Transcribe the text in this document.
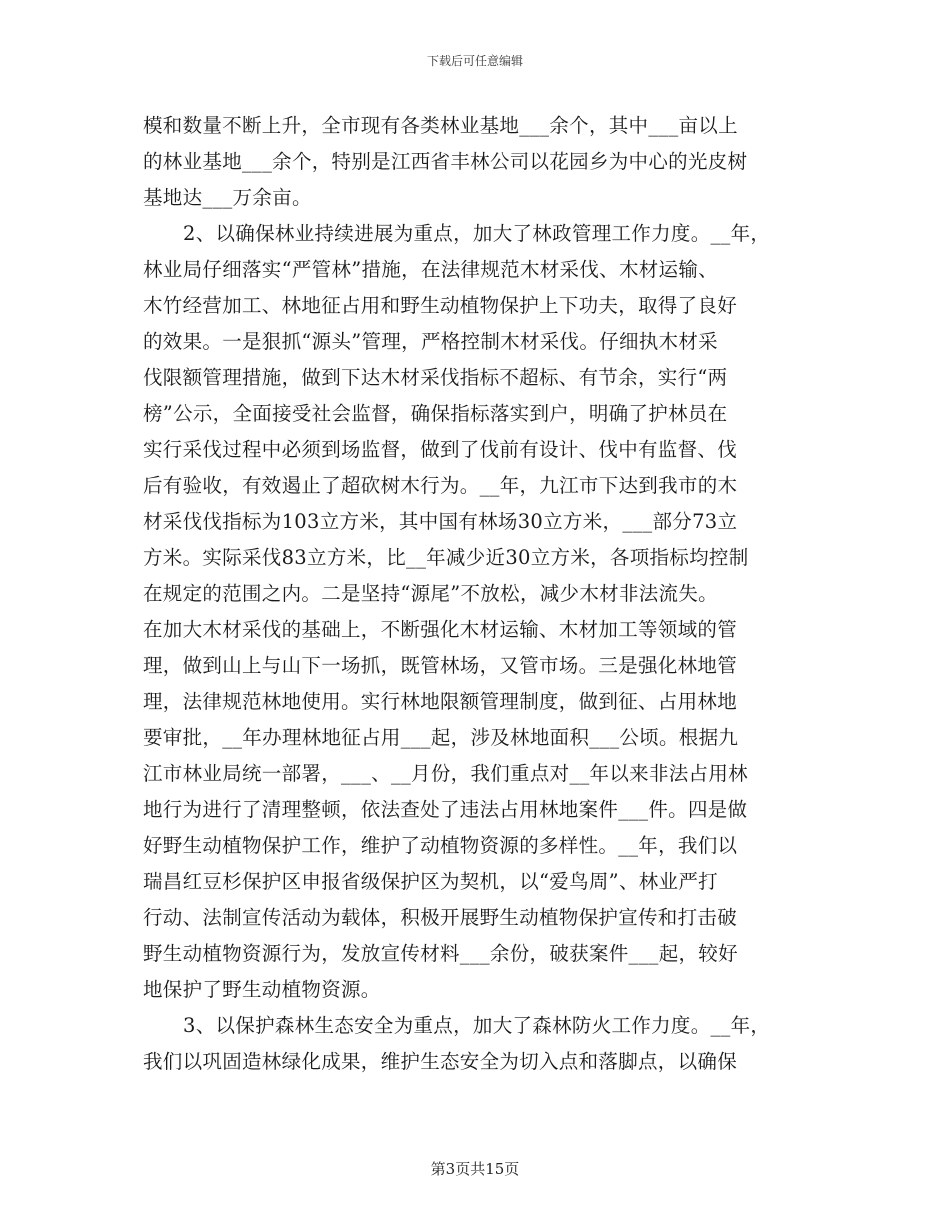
下载后可任意编辑
模和数量不断上升，全市现有各类林业基地___余个，其中___亩以上
的林业基地___余个，特别是江西省丰林公司以花园乡为中心的光皮树
基地达___万余亩。
2、以确保林业持续进展为重点，加大了林政管理工作力度。__年，
林业局仔细落实“严管林”措施，在法律规范木材采伐、木材运输、
木竹经营加工、林地征占用和野生动植物保护上下功夫，取得了良好
的效果。一是狠抓“源头”管理，严格控制木材采伐。仔细执木材采
伐限额管理措施，做到下达木材采伐指标不超标、有节余，实行“两
榜”公示，全面接受社会监督，确保指标落实到户，明确了护林员在
实行采伐过程中必须到场监督，做到了伐前有设计、伐中有监督、伐
后有验收，有效遏止了超砍树木行为。__年，九江市下达到我市的木
材采伐伐指标为103立方米，其中国有林场30立方米，___部分73立
方米。实际采伐83立方米，比__年减少近30立方米，各项指标均控制
在规定的范围之内。二是坚持“源尾”不放松，减少木材非法流失。
在加大木材采伐的基础上，不断强化木材运输、木材加工等领域的管
理，做到山上与山下一场抓，既管林场，又管市场。三是强化林地管
理，法律规范林地使用。实行林地限额管理制度，做到征、占用林地
要审批，__年办理林地征占用___起，涉及林地面积___公顷。根据九
江市林业局统一部署，___、__月份，我们重点对__年以来非法占用林
地行为进行了清理整顿，依法查处了违法占用林地案件___件。四是做
好野生动植物保护工作，维护了动植物资源的多样性。__年，我们以
瑞昌红豆杉保护区申报省级保护区为契机，以“爱鸟周”、林业严打
行动、法制宣传活动为载体，积极开展野生动植物保护宣传和打击破
野生动植物资源行为，发放宣传材料___余份，破获案件___起，较好
地保护了野生动植物资源。
3、以保护森林生态安全为重点，加大了森林防火工作力度。__年，
我们以巩固造林绿化成果，维护生态安全为切入点和落脚点，以确保
第3页共15页
